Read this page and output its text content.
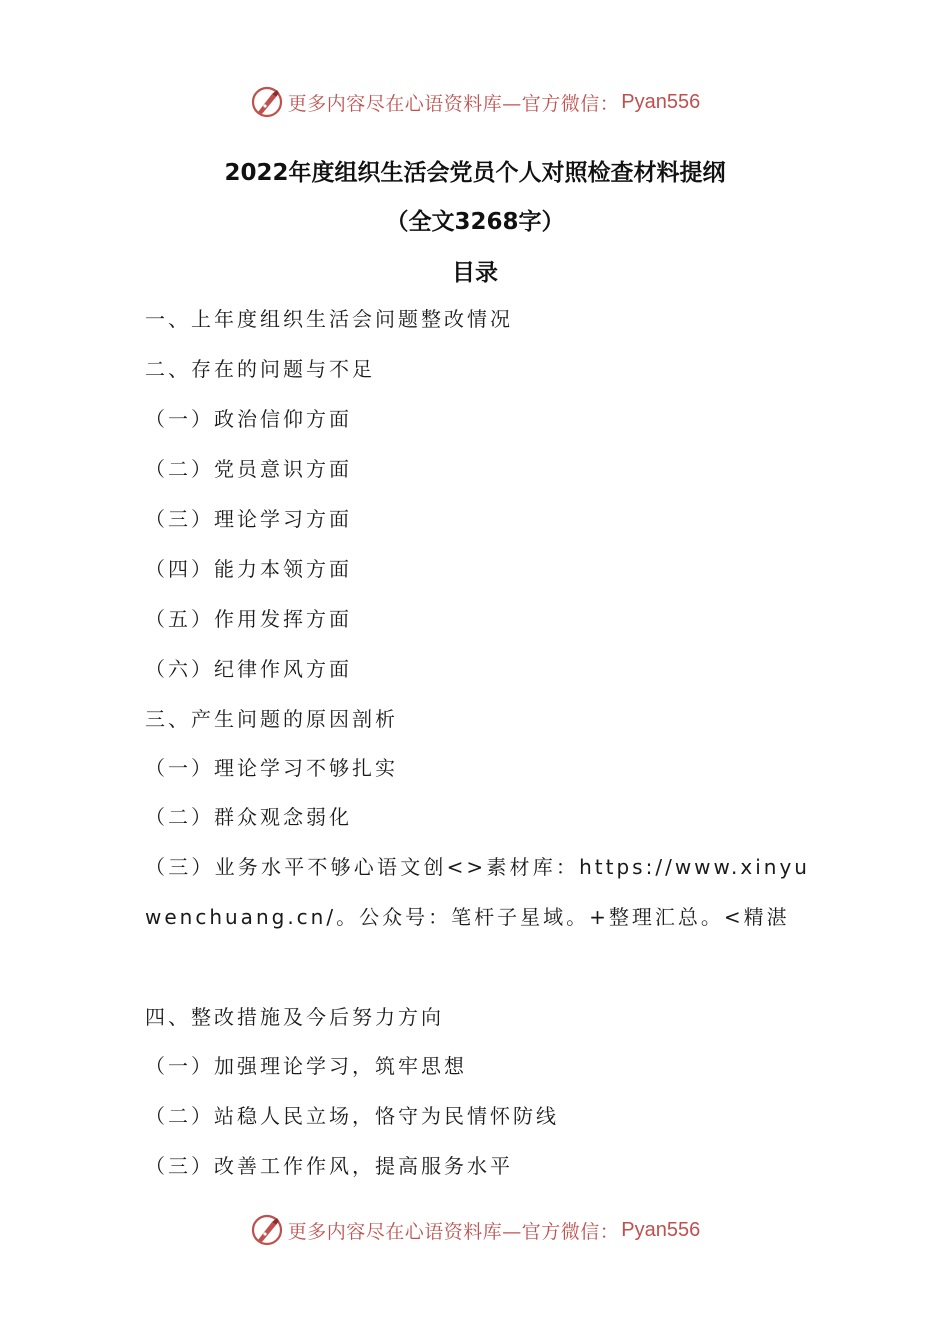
更多内容尽在心语资料库—官方微信： Pyan556
2022年度组织生活会党员个人对照检查材料提纲
（全文3268字）
目录
一、上年度组织生活会问题整改情况
二、存在的问题与不足
（一）政治信仰方面
（二）党员意识方面
（三）理论学习方面
（四）能力本领方面
（五）作用发挥方面
（六）纪律作风方面
三、产生问题的原因剖析
（一）理论学习不够扎实
（二）群众观念弱化
（三）业务水平不够心语文创<>素材库：https://www.xinyuwenchuang.cn/。公众号：笔杆子星域。+整理汇总。<精湛
四、整改措施及今后努力方向
（一）加强理论学习，筑牢思想
（二）站稳人民立场，恪守为民情怀防线
（三）改善工作作风，提高服务水平
更多内容尽在心语资料库—官方微信： Pyan556
